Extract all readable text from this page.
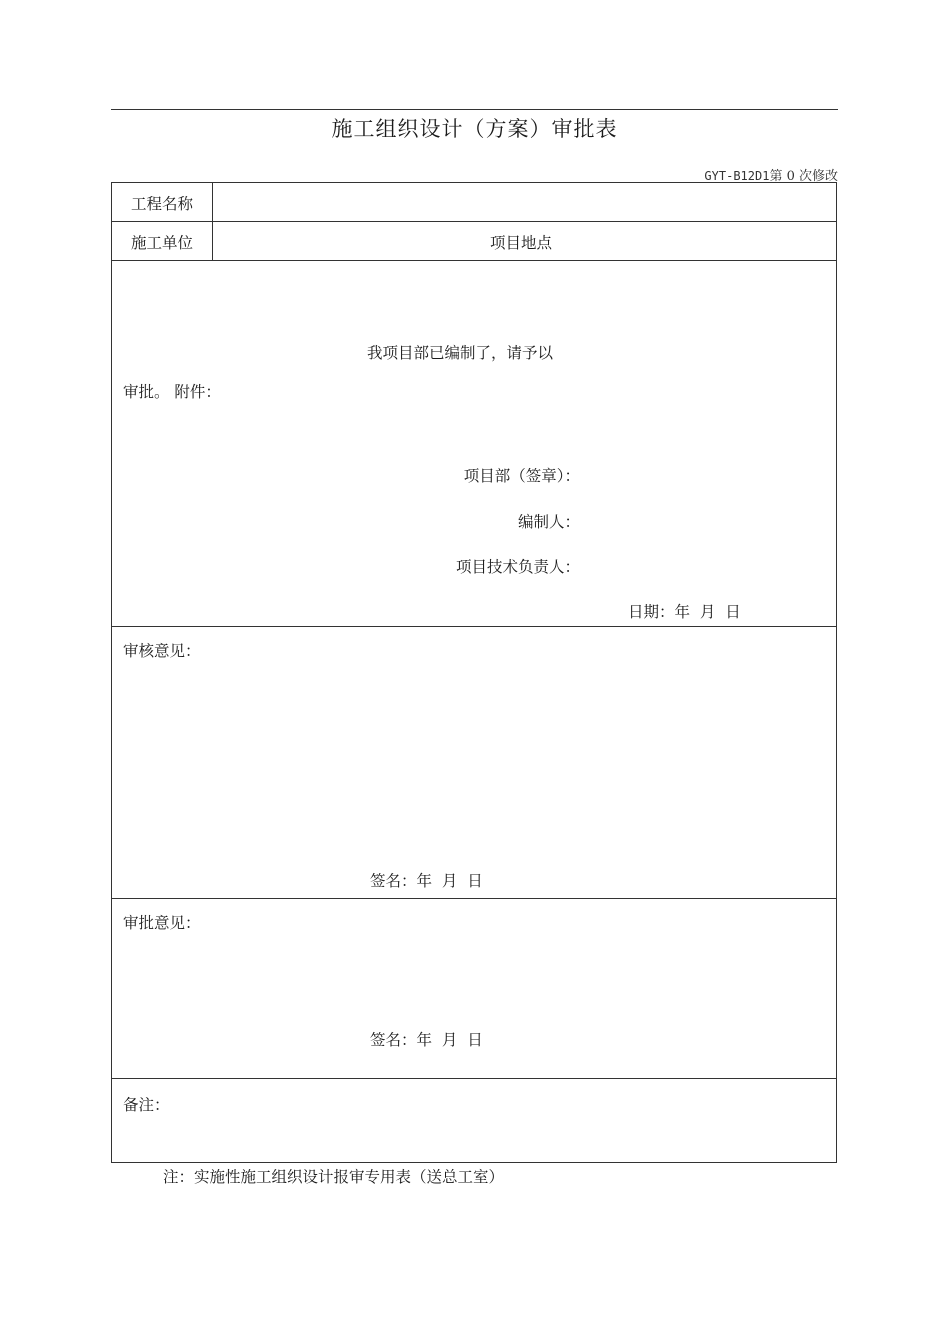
施工组织设计（方案）审批表
GYT-B12D1第 0 次修改
工程名称
施工单位	项目地点
我项目部已编制了，请予以
审批。 附件：
项目部（签章）：
编制人：
项目技术负责人：
日期：年  月  日
审核意见：
签名：年  月  日
审批意见：
签名：年  月  日
备注：
注：实施性施工组织设计报审专用表（送总工室）
